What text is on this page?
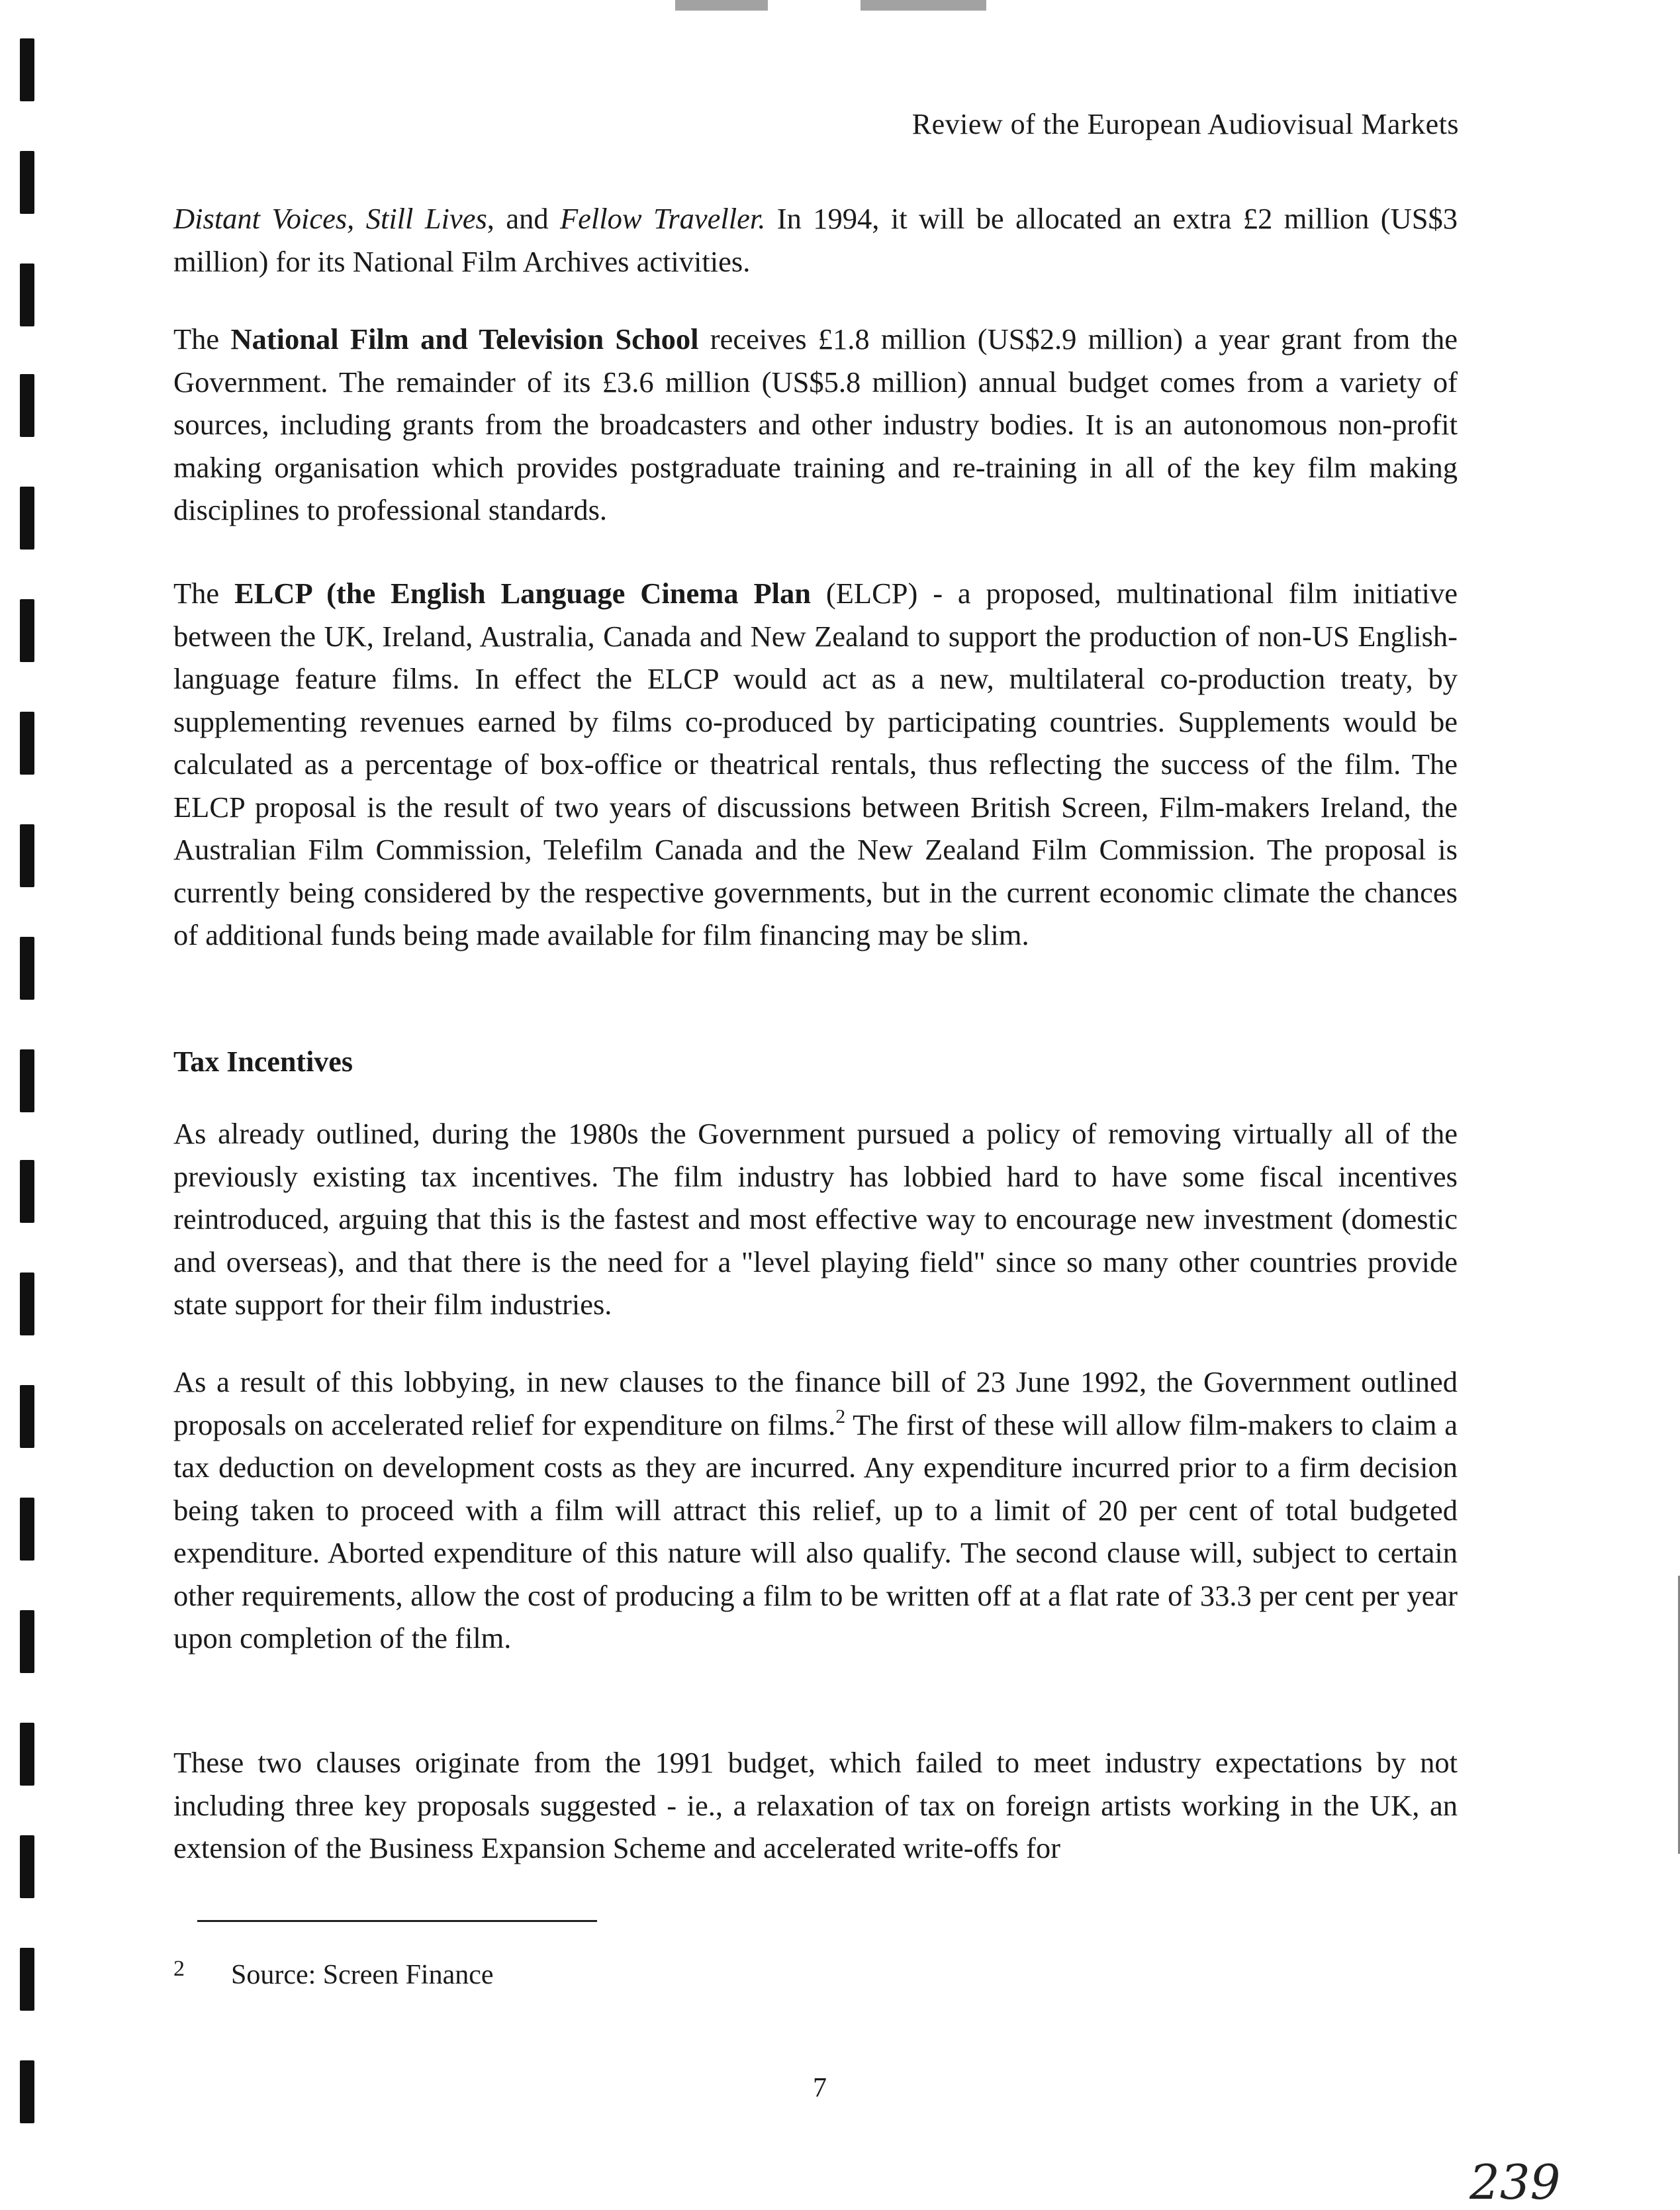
Review of the European Audiovisual Markets

Distant Voices, Still Lives, and Fellow Traveller. In 1994, it will be allocated an extra £2 million (US$3 million) for its National Film Archives activities.

The National Film and Television School receives £1.8 million (US$2.9 million) a year grant from the Government. The remainder of its £3.6 million (US$5.8 million) annual budget comes from a variety of sources, including grants from the broadcasters and other industry bodies. It is an autonomous non-profit making organisation which provides postgraduate training and re-training in all of the key film making disciplines to professional standards.

The ELCP (the English Language Cinema Plan (ELCP) - a proposed, multinational film initiative between the UK, Ireland, Australia, Canada and New Zealand to support the production of non-US English-language feature films. In effect the ELCP would act as a new, multilateral co-production treaty, by supplementing revenues earned by films co-produced by participating countries. Supplements would be calculated as a percentage of box-office or theatrical rentals, thus reflecting the success of the film. The ELCP proposal is the result of two years of discussions between British Screen, Film-makers Ireland, the Australian Film Commission, Telefilm Canada and the New Zealand Film Commission. The proposal is currently being considered by the respective governments, but in the current economic climate the chances of additional funds being made available for film financing may be slim.

Tax Incentives

As already outlined, during the 1980s the Government pursued a policy of removing virtually all of the previously existing tax incentives. The film industry has lobbied hard to have some fiscal incentives reintroduced, arguing that this is the fastest and most effective way to encourage new investment (domestic and overseas), and that there is the need for a "level playing field" since so many other countries provide state support for their film industries.

As a result of this lobbying, in new clauses to the finance bill of 23 June 1992, the Government outlined proposals on accelerated relief for expenditure on films.$^2$ The first of these will allow film-makers to claim a tax deduction on development costs as they are incurred. Any expenditure incurred prior to a firm decision being taken to proceed with a film will attract this relief, up to a limit of 20 per cent of total budgeted expenditure. Aborted expenditure of this nature will also qualify. The second clause will, subject to certain other requirements, allow the cost of producing a film to be written off at a flat rate of 33.3 per cent per year upon completion of the film.

These two clauses originate from the 1991 budget, which failed to meet industry expectations by not including three key proposals suggested - ie., a relaxation of tax on foreign artists working in the UK, an extension of the Business Expansion Scheme and accelerated write-offs for

$^2$ Source: Screen Finance
7
239
